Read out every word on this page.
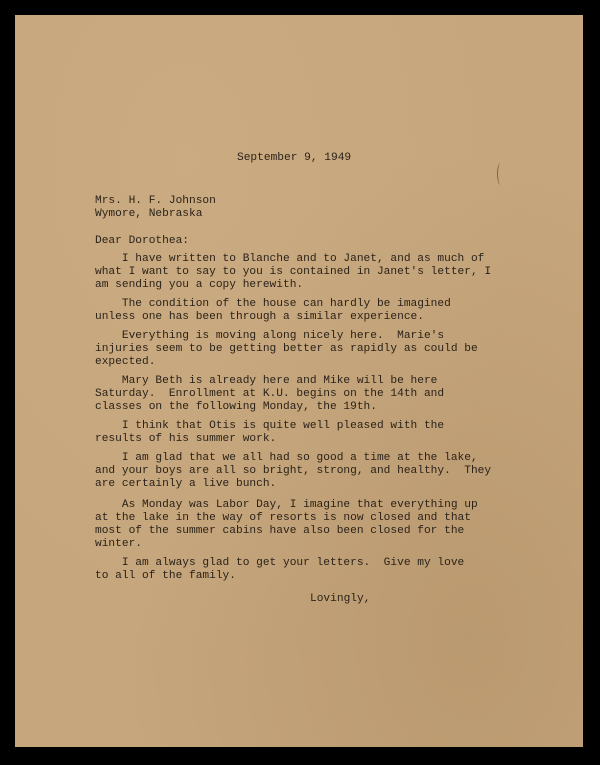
September 9, 1949
Mrs. H. F. Johnson
Wymore, Nebraska
Dear Dorothea:
I have written to Blanche and to Janet, and as much of
what I want to say to you is contained in Janet's letter, I
am sending you a copy herewith.
The condition of the house can hardly be imagined
unless one has been through a similar experience.
Everything is moving along nicely here.  Marie's
injuries seem to be getting better as rapidly as could be
expected.
Mary Beth is already here and Mike will be here
Saturday.  Enrollment at K.U. begins on the 14th and
classes on the following Monday, the 19th.
I think that Otis is quite well pleased with the
results of his summer work.
I am glad that we all had so good a time at the lake,
and your boys are all so bright, strong, and healthy.  They
are certainly a live bunch.
As Monday was Labor Day, I imagine that everything up
at the lake in the way of resorts is now closed and that
most of the summer cabins have also been closed for the
winter.
I am always glad to get your letters.  Give my love
to all of the family.
Lovingly,
